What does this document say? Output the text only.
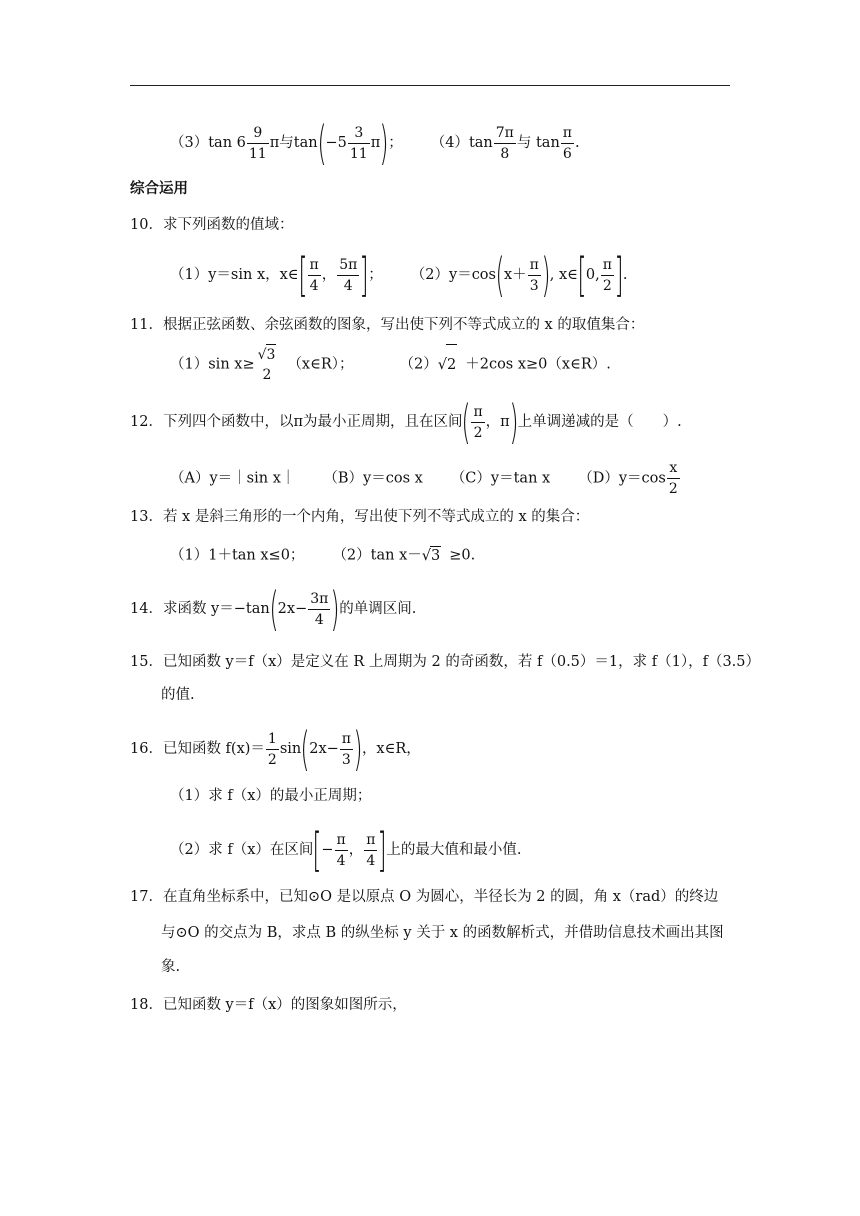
（3）tan $6 \frac{9}{11}$ π与$\tan(-5 \frac{3}{11} \pi)$； $(4)\tan \frac{7\pi}{8}$ 与 $\tan \frac{\pi}{6}$ .
综合运用
10．求下列函数的值域：
（1）y＝sin x，x∈[ $\frac{\pi}{4}$ ， $\frac{5\pi}{4}$ ]； $(2)y=\cos(x+ \frac{\pi}{3}$ ), x∈[0, $\frac{\pi}{2}$ ].
11．根据正弦函数、余弦函数的图象，写出使下列不等式成立的 x 的取值集合：
（1）sin x≥
√3
2
（x∈R）；	（2）√2 ＋2cos x≥0（x∈R）.
12．下列四个函数中，以π为最小正周期，且在区间( $\frac{\pi}{2}$ ，π)上单调递减的是（　　）.
（A）y＝｜sin x｜ （B）y＝cos x （C）y＝tan x $(D)y=\cos \frac{x}{2}$
13．若 x 是斜三角形的一个内角，写出使下列不等式成立的 x 的集合：
（1）1＋tan x≤0； （2）tan x－√3 ≥0.
14．求函数 $y=-\tan(2x- \frac{3\pi}{4}$ )的单调区间.
15．已知函数 y＝f（x）是定义在 R 上周期为 2 的奇函数，若 f（0.5）＝1，求 f（1），f（3.5）
的值.
16．已知函数 $f(x)= \frac{1}{2} \sin(2x- \frac{\pi}{3}$ )，x∈R，
（1）求 f（x）的最小正周期；
（2）求 f（x）在区间[− $\frac{\pi}{4}$ ， $\frac{\pi}{4}$ ]上的最大值和最小值.
17．在直角坐标系中，已知⊙O 是以原点 O 为圆心，半径长为 2 的圆，角 x（rad）的终边
与⊙O 的交点为 B，求点 B 的纵坐标 y 关于 x 的函数解析式，并借助信息技术画出其图
象.
18．已知函数 y＝f（x）的图象如图所示，
